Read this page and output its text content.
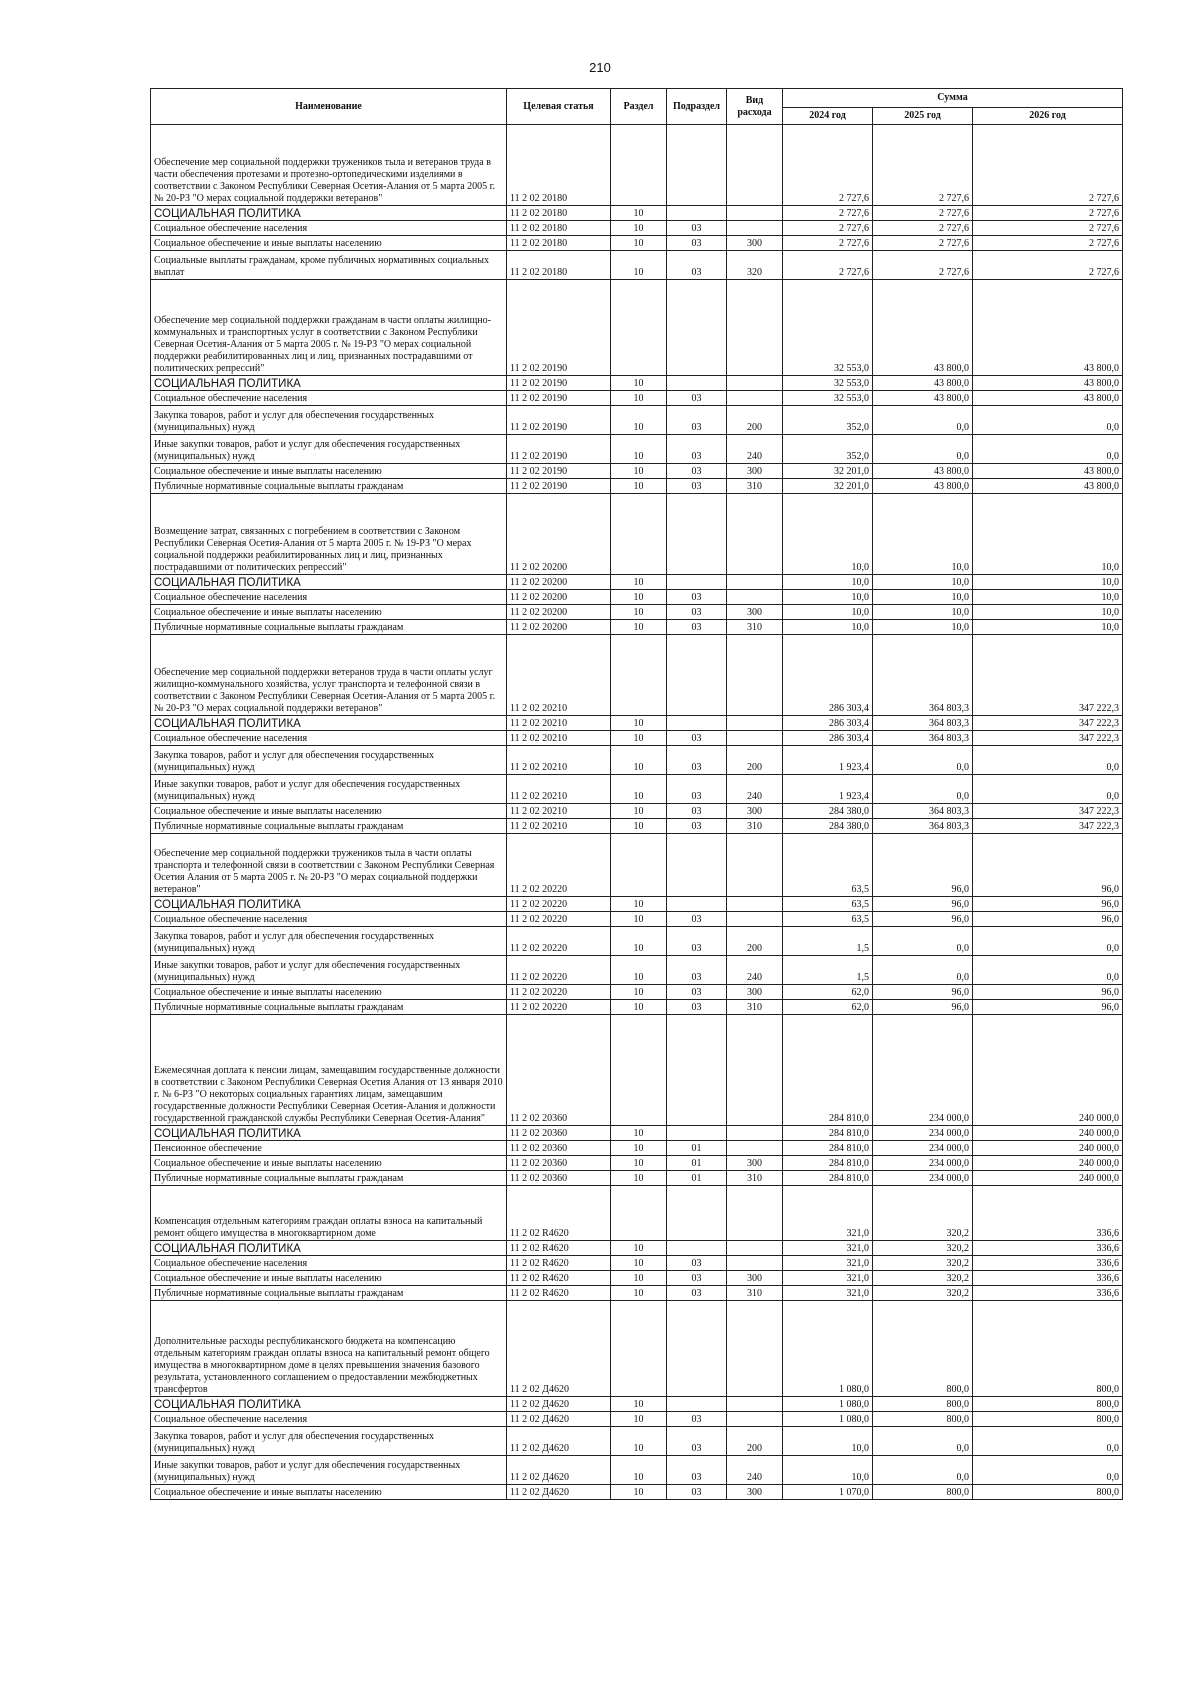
210
Наименование	Целевая статья	Раздел	Подраздел	Вид расхода	Сумма		
					2024 год	2025 год	2026 год
Обеспечение мер социальной поддержки тружеников тыла и ветеранов труда в части обеспечения протезами и протезно-ортопедическими изделиями в соответствии с Законом Республики Северная Осетия-Алания от 5 марта 2005 г. № 20-РЗ "О мерах социальной поддержки ветеранов"	11 2 02 20180				2 727,6	2 727,6	2 727,6
СОЦИАЛЬНАЯ ПОЛИТИКА	11 2 02 20180	10			2 727,6	2 727,6	2 727,6
Социальное обеспечение населения	11 2 02 20180	10	03		2 727,6	2 727,6	2 727,6
Социальное обеспечение и иные выплаты населению	11 2 02 20180	10	03	300	2 727,6	2 727,6	2 727,6
Социальные выплаты гражданам, кроме публичных нормативных социальных выплат	11 2 02 20180	10	03	320	2 727,6	2 727,6	2 727,6
Обеспечение мер социальной поддержки гражданам в части оплаты жилищно-коммунальных и транспортных услуг в соответствии с Законом Республики Северная Осетия-Алания от 5 марта 2005 г. № 19-РЗ "О мерах социальной поддержки реабилитированных лиц и лиц, признанных пострадавшими от политических репрессий"	11 2 02 20190				32 553,0	43 800,0	43 800,0
СОЦИАЛЬНАЯ ПОЛИТИКА	11 2 02 20190	10			32 553,0	43 800,0	43 800,0
Социальное обеспечение населения	11 2 02 20190	10	03		32 553,0	43 800,0	43 800,0
Закупка товаров, работ и услуг для обеспечения государственных (муниципальных) нужд	11 2 02 20190	10	03	200	352,0	0,0	0,0
Иные закупки товаров, работ и услуг для обеспечения государственных (муниципальных) нужд	11 2 02 20190	10	03	240	352,0	0,0	0,0
Социальное обеспечение и иные выплаты населению	11 2 02 20190	10	03	300	32 201,0	43 800,0	43 800,0
Публичные нормативные социальные выплаты гражданам	11 2 02 20190	10	03	310	32 201,0	43 800,0	43 800,0
Возмещение затрат, связанных с погребением в соответствии с Законом Республики Северная Осетия-Алания от 5 марта 2005 г. № 19-РЗ "О мерах социальной поддержки реабилитированных лиц и лиц, признанных пострадавшими от политических репрессий"	11 2 02 20200				10,0	10,0	10,0
СОЦИАЛЬНАЯ ПОЛИТИКА	11 2 02 20200	10			10,0	10,0	10,0
Социальное обеспечение населения	11 2 02 20200	10	03		10,0	10,0	10,0
Социальное обеспечение и иные выплаты населению	11 2 02 20200	10	03	300	10,0	10,0	10,0
Публичные нормативные социальные выплаты гражданам	11 2 02 20200	10	03	310	10,0	10,0	10,0
Обеспечение мер социальной поддержки ветеранов труда в части оплаты услуг жилищно-коммунального хозяйства, услуг транспорта и телефонной связи в соответствии с Законом Республики Северная Осетия-Алания от 5 марта 2005 г. № 20-РЗ "О мерах социальной поддержки ветеранов"	11 2 02 20210				286 303,4	364 803,3	347 222,3
СОЦИАЛЬНАЯ ПОЛИТИКА	11 2 02 20210	10			286 303,4	364 803,3	347 222,3
Социальное обеспечение населения	11 2 02 20210	10	03		286 303,4	364 803,3	347 222,3
Закупка товаров, работ и услуг для обеспечения государственных (муниципальных) нужд	11 2 02 20210	10	03	200	1 923,4	0,0	0,0
Иные закупки товаров, работ и услуг для обеспечения государственных (муниципальных) нужд	11 2 02 20210	10	03	240	1 923,4	0,0	0,0
Социальное обеспечение и иные выплаты населению	11 2 02 20210	10	03	300	284 380,0	364 803,3	347 222,3
Публичные нормативные социальные выплаты гражданам	11 2 02 20210	10	03	310	284 380,0	364 803,3	347 222,3
Обеспечение мер социальной поддержки тружеников тыла в части оплаты транспорта и телефонной связи в соответствии с Законом Республики Северная Осетия Алания от 5 марта 2005 г. № 20-РЗ "О мерах социальной поддержки ветеранов"	11 2 02 20220				63,5	96,0	96,0
СОЦИАЛЬНАЯ ПОЛИТИКА	11 2 02 20220	10			63,5	96,0	96,0
Социальное обеспечение населения	11 2 02 20220	10	03		63,5	96,0	96,0
Закупка товаров, работ и услуг для обеспечения государственных (муниципальных) нужд	11 2 02 20220	10	03	200	1,5	0,0	0,0
Иные закупки товаров, работ и услуг для обеспечения государственных (муниципальных) нужд	11 2 02 20220	10	03	240	1,5	0,0	0,0
Социальное обеспечение и иные выплаты населению	11 2 02 20220	10	03	300	62,0	96,0	96,0
Публичные нормативные социальные выплаты гражданам	11 2 02 20220	10	03	310	62,0	96,0	96,0
Ежемесячная доплата к пенсии лицам, замещавшим государственные должности в соответствии с Законом Республики Северная Осетия Алания от 13 января 2010 г. № 6-РЗ "О некоторых социальных гарантиях лицам, замещавшим государственные должности Республики Северная Осетия-Алания и должности государственной гражданской службы Республики Северная Осетия-Алания"	11 2 02 20360				284 810,0	234 000,0	240 000,0
СОЦИАЛЬНАЯ ПОЛИТИКА	11 2 02 20360	10			284 810,0	234 000,0	240 000,0
Пенсионное обеспечение	11 2 02 20360	10	01		284 810,0	234 000,0	240 000,0
Социальное обеспечение и иные выплаты населению	11 2 02 20360	10	01	300	284 810,0	234 000,0	240 000,0
Публичные нормативные социальные выплаты гражданам	11 2 02 20360	10	01	310	284 810,0	234 000,0	240 000,0
Компенсация отдельным категориям граждан оплаты взноса на капитальный ремонт общего имущества в многоквартирном доме	11 2 02 R4620				321,0	320,2	336,6
СОЦИАЛЬНАЯ ПОЛИТИКА	11 2 02 R4620	10			321,0	320,2	336,6
Социальное обеспечение населения	11 2 02 R4620	10	03		321,0	320,2	336,6
Социальное обеспечение и иные выплаты населению	11 2 02 R4620	10	03	300	321,0	320,2	336,6
Публичные нормативные социальные выплаты гражданам	11 2 02 R4620	10	03	310	321,0	320,2	336,6
Дополнительные расходы республиканского бюджета на компенсацию отдельным категориям граждан оплаты взноса на капитальный ремонт общего имущества в многоквартирном доме в целях превышения значения базового результата, установленного соглашением о предоставлении межбюджетных трансфертов	11 2 02 Д4620				1 080,0	800,0	800,0
СОЦИАЛЬНАЯ ПОЛИТИКА	11 2 02 Д4620	10			1 080,0	800,0	800,0
Социальное обеспечение населения	11 2 02 Д4620	10	03		1 080,0	800,0	800,0
Закупка товаров, работ и услуг для обеспечения государственных (муниципальных) нужд	11 2 02 Д4620	10	03	200	10,0	0,0	0,0
Иные закупки товаров, работ и услуг для обеспечения государственных (муниципальных) нужд	11 2 02 Д4620	10	03	240	10,0	0,0	0,0
Социальное обеспечение и иные выплаты населению	11 2 02 Д4620	10	03	300	1 070,0	800,0	800,0
